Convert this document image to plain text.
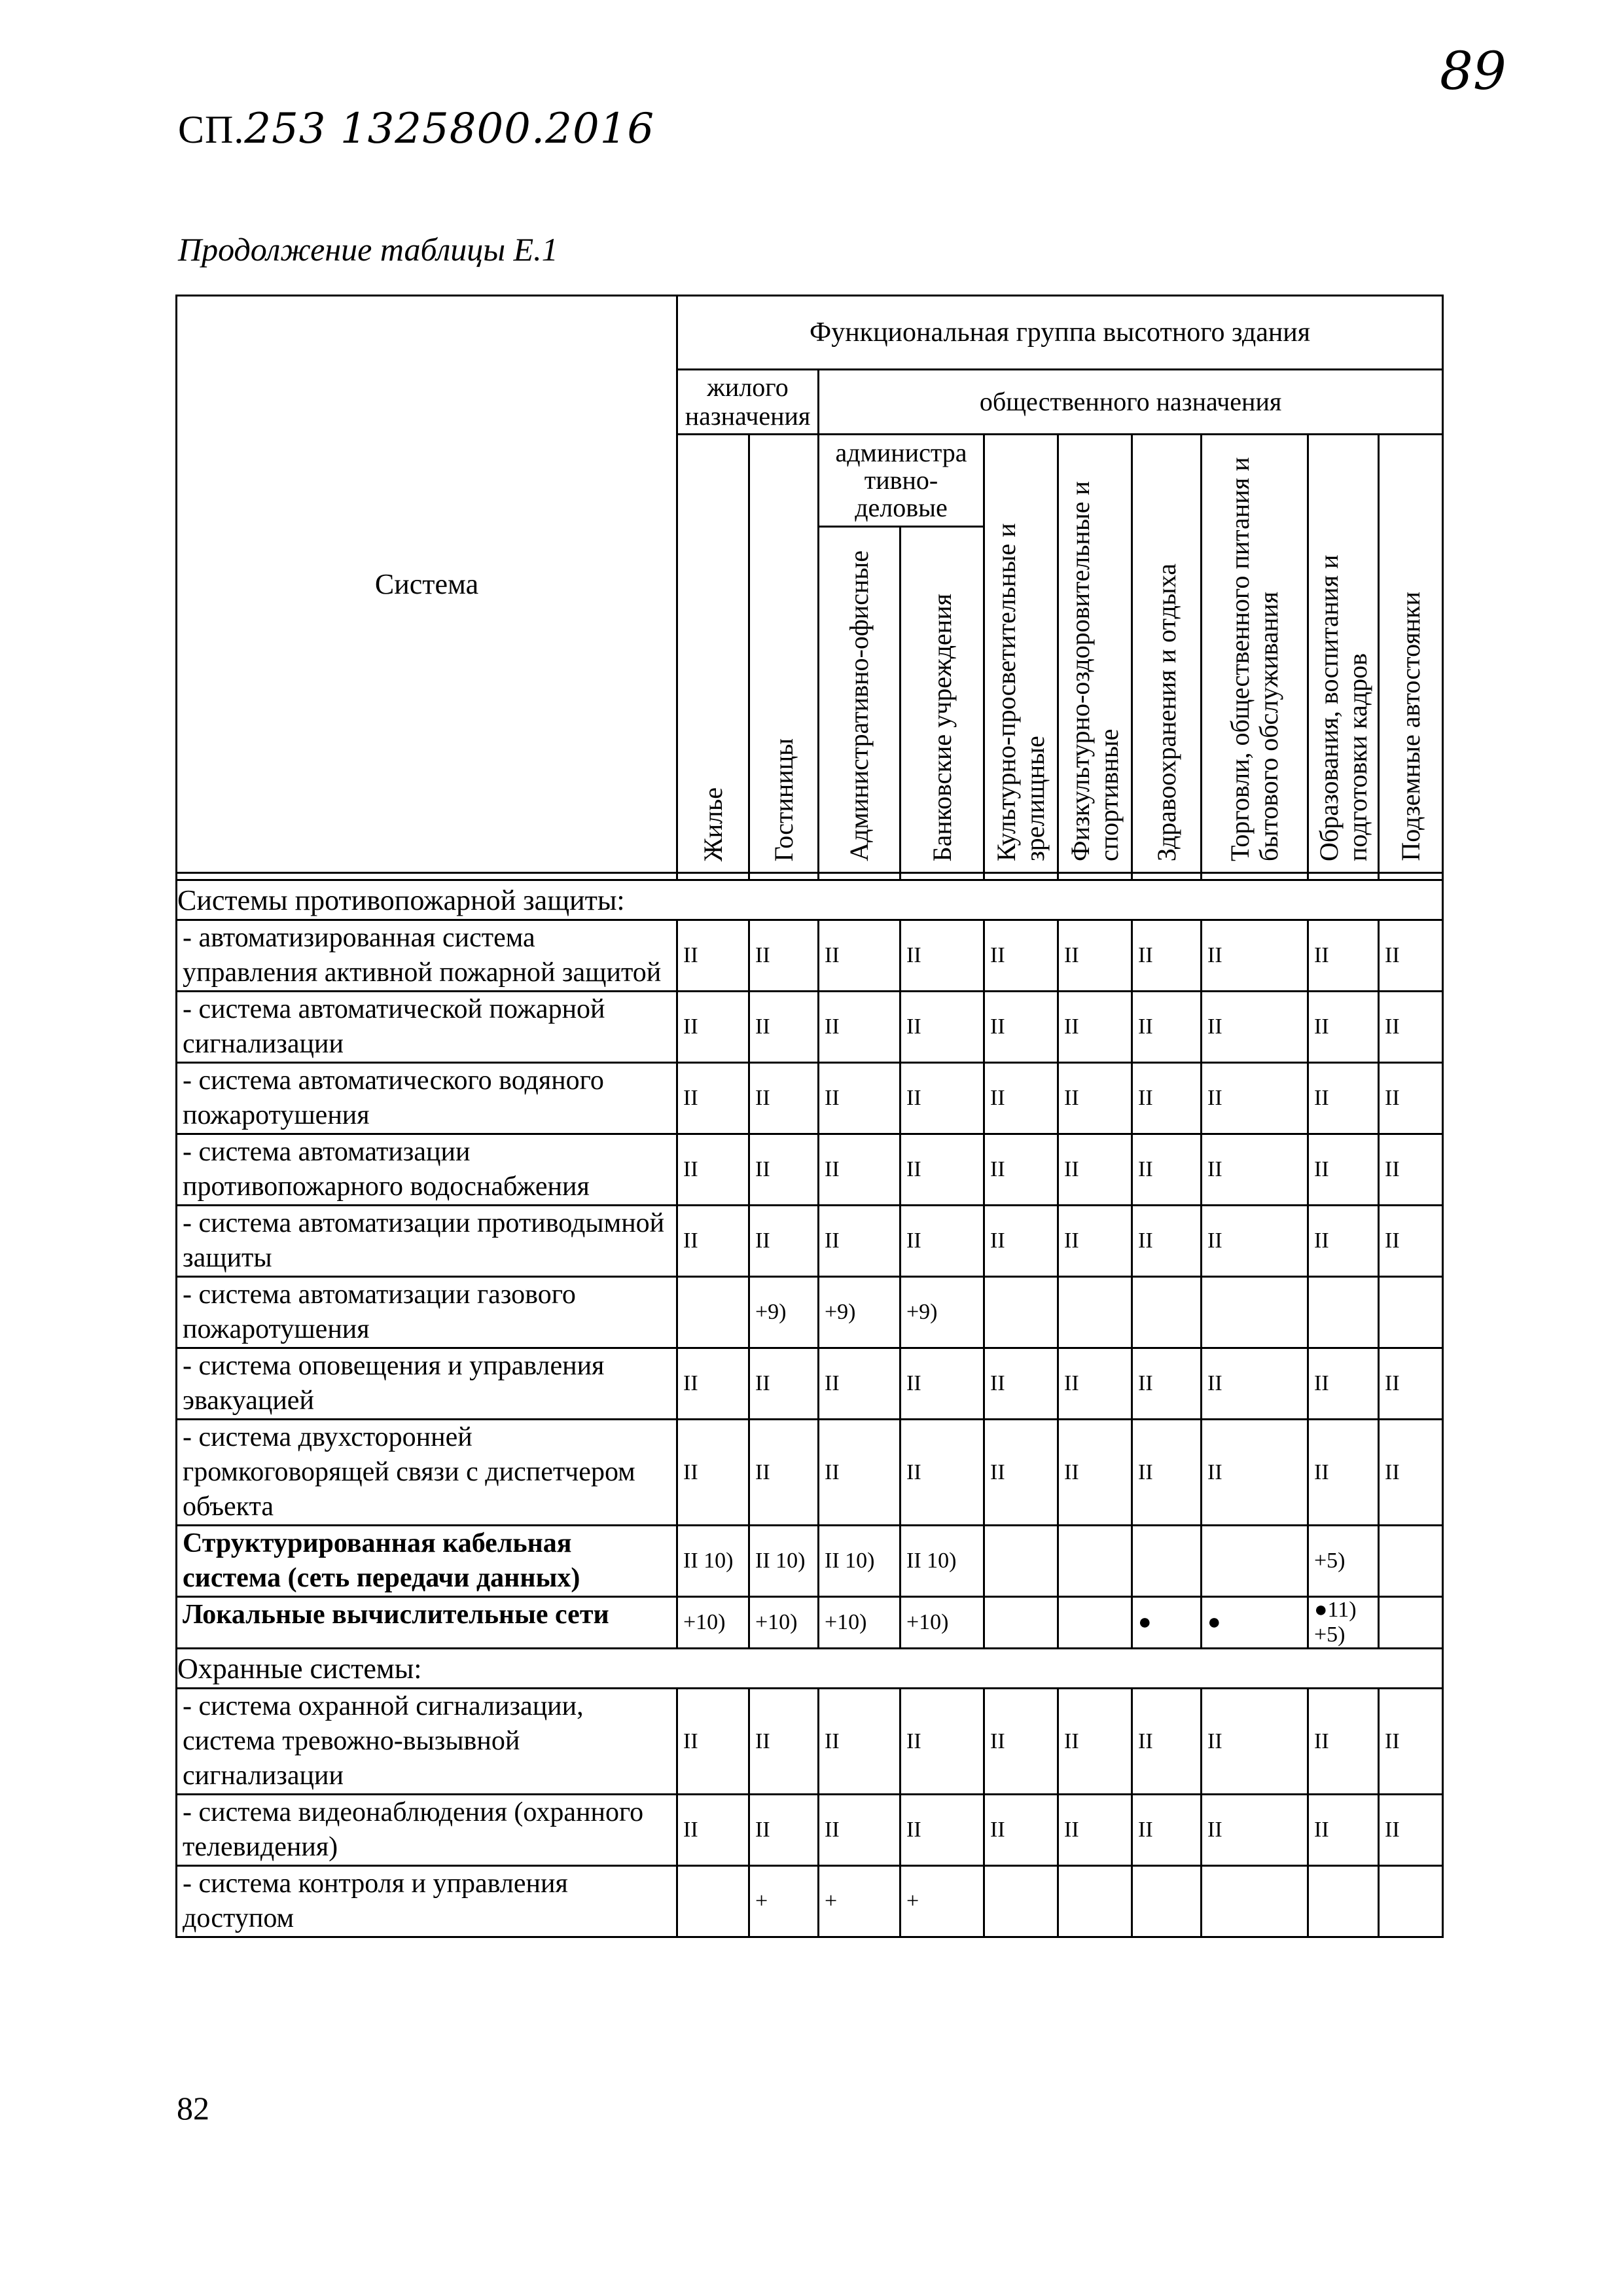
СП.253 1325800.2016
89
Продолжение таблицы Е.1
Система	Функциональная группа высотного здания									
	жилого назначения		общественного назначения							

	Жилье	Гостиницы	администра тивно-деловые		Культурно-просветительные и зрелищные	Физкультурно-оздоровительные и спортивные	Здравоохранения и отдыха	Торговли, общественного питания и бытового обслуживания	Образования, воспитания и подготовки кадров	Подземные автостоянки

			Административно-офисные	Банковские учреждения						

Системы противопожарной защиты:										
- автоматизированная система управления активной пожарной защитой	II	II	II	II	II	II	II	II	II	II
- система автоматической пожарной сигнализации	II	II	II	II	II	II	II	II	II	II
- система автоматического водяного пожаротушения	II	II	II	II	II	II	II	II	II	II
- система автоматизации противопожарного водоснабжения	II	II	II	II	II	II	II	II	II	II
- система автоматизации противодымной защиты	II	II	II	II	II	II	II	II	II	II
- система автоматизации газового пожаротушения		+9)	+9)	+9)						
- система оповещения и управления эвакуацией	II	II	II	II	II	II	II	II	II	II
- система двухсторонней громкоговорящей связи с диспетчером объекта	II	II	II	II	II	II	II	II	II	II
Структурированная кабельная система (сеть передачи данных)	II 10)	II 10)	II 10)	II 10)					+5)	
Локальные вычислительные сети	+10)	+10)	+10)	+10)			●	●	●11) +5)	
Охранные системы:										
- система охранной сигнализации, система тревожно-вызывной сигнализации	II	II	II	II	II	II	II	II	II	II
- система видеонаблюдения (охранного телевидения)	II	II	II	II	II	II	II	II	II	II
- система контроля и управления доступом		+	+	+						
82
